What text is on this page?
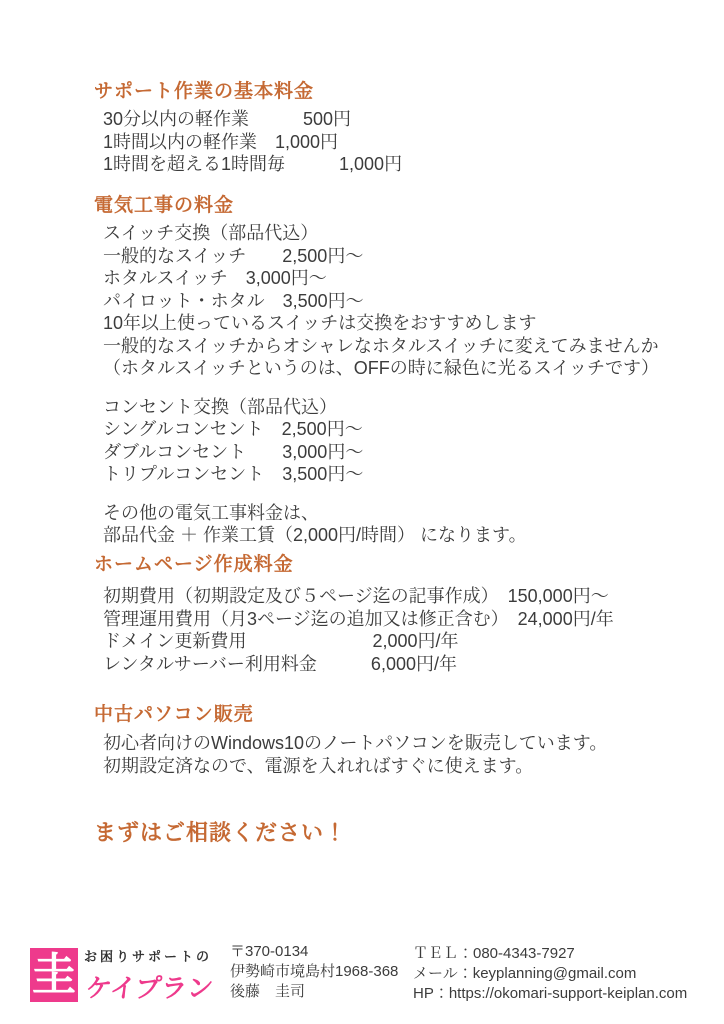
サポート作業の基本料金
30分以内の軽作業　　　500円
1時間以内の軽作業　1,000円
1時間を超える1時間毎　　　1,000円
電気工事の料金
スイッチ交換（部品代込）
一般的なスイッチ　　2,500円～
ホタルスイッチ　3,000円～
パイロット・ホタル　3,500円～
10年以上使っているスイッチは交換をおすすめします
一般的なスイッチからオシャレなホタルスイッチに変えてみませんか
（ホタルスイッチというのは、OFFの時に緑色に光るスイッチです）
コンセント交換（部品代込）
シングルコンセント　2,500円～
ダブルコンセント　　3,000円～
トリプルコンセント　3,500円～
その他の電気工事料金は、
部品代金 ＋ 作業工賃（2,000円/時間） になります。
ホームページ作成料金
初期費用（初期設定及び５ページ迄の記事作成）　150,000円～
管理運用費用（月3ページ迄の追加又は修正含む）　24,000円/年
ドメイン更新費用　　　　　　　2,000円/年
レンタルサーバー利用料金　　　6,000円/年
中古パソコン販売
初心者向けのWindows10のノートパソコンを販売しています。
初期設定済なので、電源を入れればすぐに使えます。
まずはご相談ください！
圭 お困りサポートの
ケイプラン
〒370-0134
伊勢崎市境島村1968-368
後藤　圭司
ＴＥＬ：080-4343-7927
メール：keyplanning@gmail.com
HP：https://okomari-support-keiplan.com
